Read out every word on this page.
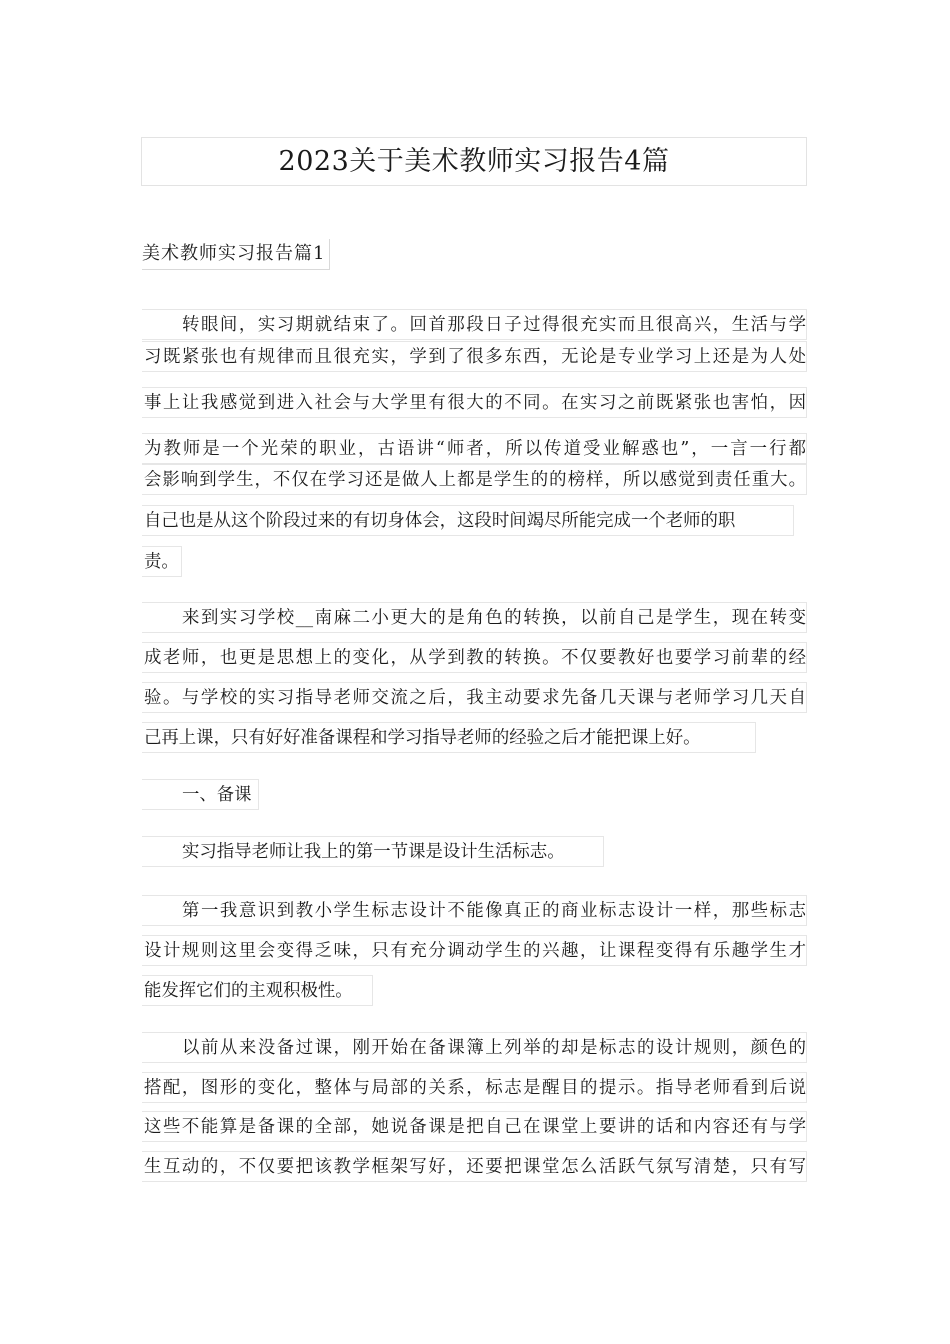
2023关于美术教师实习报告4篇
美术教师实习报告篇1
转眼间，实习期就结束了。回首那段日子过得很充实而且很高兴，生活与学
习既紧张也有规律而且很充实，学到了很多东西，无论是专业学习上还是为人处
事上让我感觉到进入社会与大学里有很大的不同。在实习之前既紧张也害怕，因
为教师是一个光荣的职业，古语讲“师者，所以传道受业解惑也”，一言一行都
会影响到学生，不仅在学习还是做人上都是学生的的榜样，所以感觉到责任重大。
自己也是从这个阶段过来的有切身体会，这段时间竭尽所能完成一个老师的职
责。
来到实习学校__南麻二小更大的是角色的转换，以前自己是学生，现在转变
成老师，也更是思想上的变化，从学到教的转换。不仅要教好也要学习前辈的经
验。与学校的实习指导老师交流之后，我主动要求先备几天课与老师学习几天自
己再上课，只有好好准备课程和学习指导老师的经验之后才能把课上好。
一、备课
实习指导老师让我上的第一节课是设计生活标志。
第一我意识到教小学生标志设计不能像真正的商业标志设计一样，那些标志
设计规则这里会变得乏味，只有充分调动学生的兴趣，让课程变得有乐趣学生才
能发挥它们的主观积极性。
以前从来没备过课，刚开始在备课簿上列举的却是标志的设计规则，颜色的
搭配，图形的变化，整体与局部的关系，标志是醒目的提示。指导老师看到后说
这些不能算是备课的全部，她说备课是把自己在课堂上要讲的话和内容还有与学
生互动的，不仅要把该教学框架写好，还要把课堂怎么活跃气氛写清楚，只有写
